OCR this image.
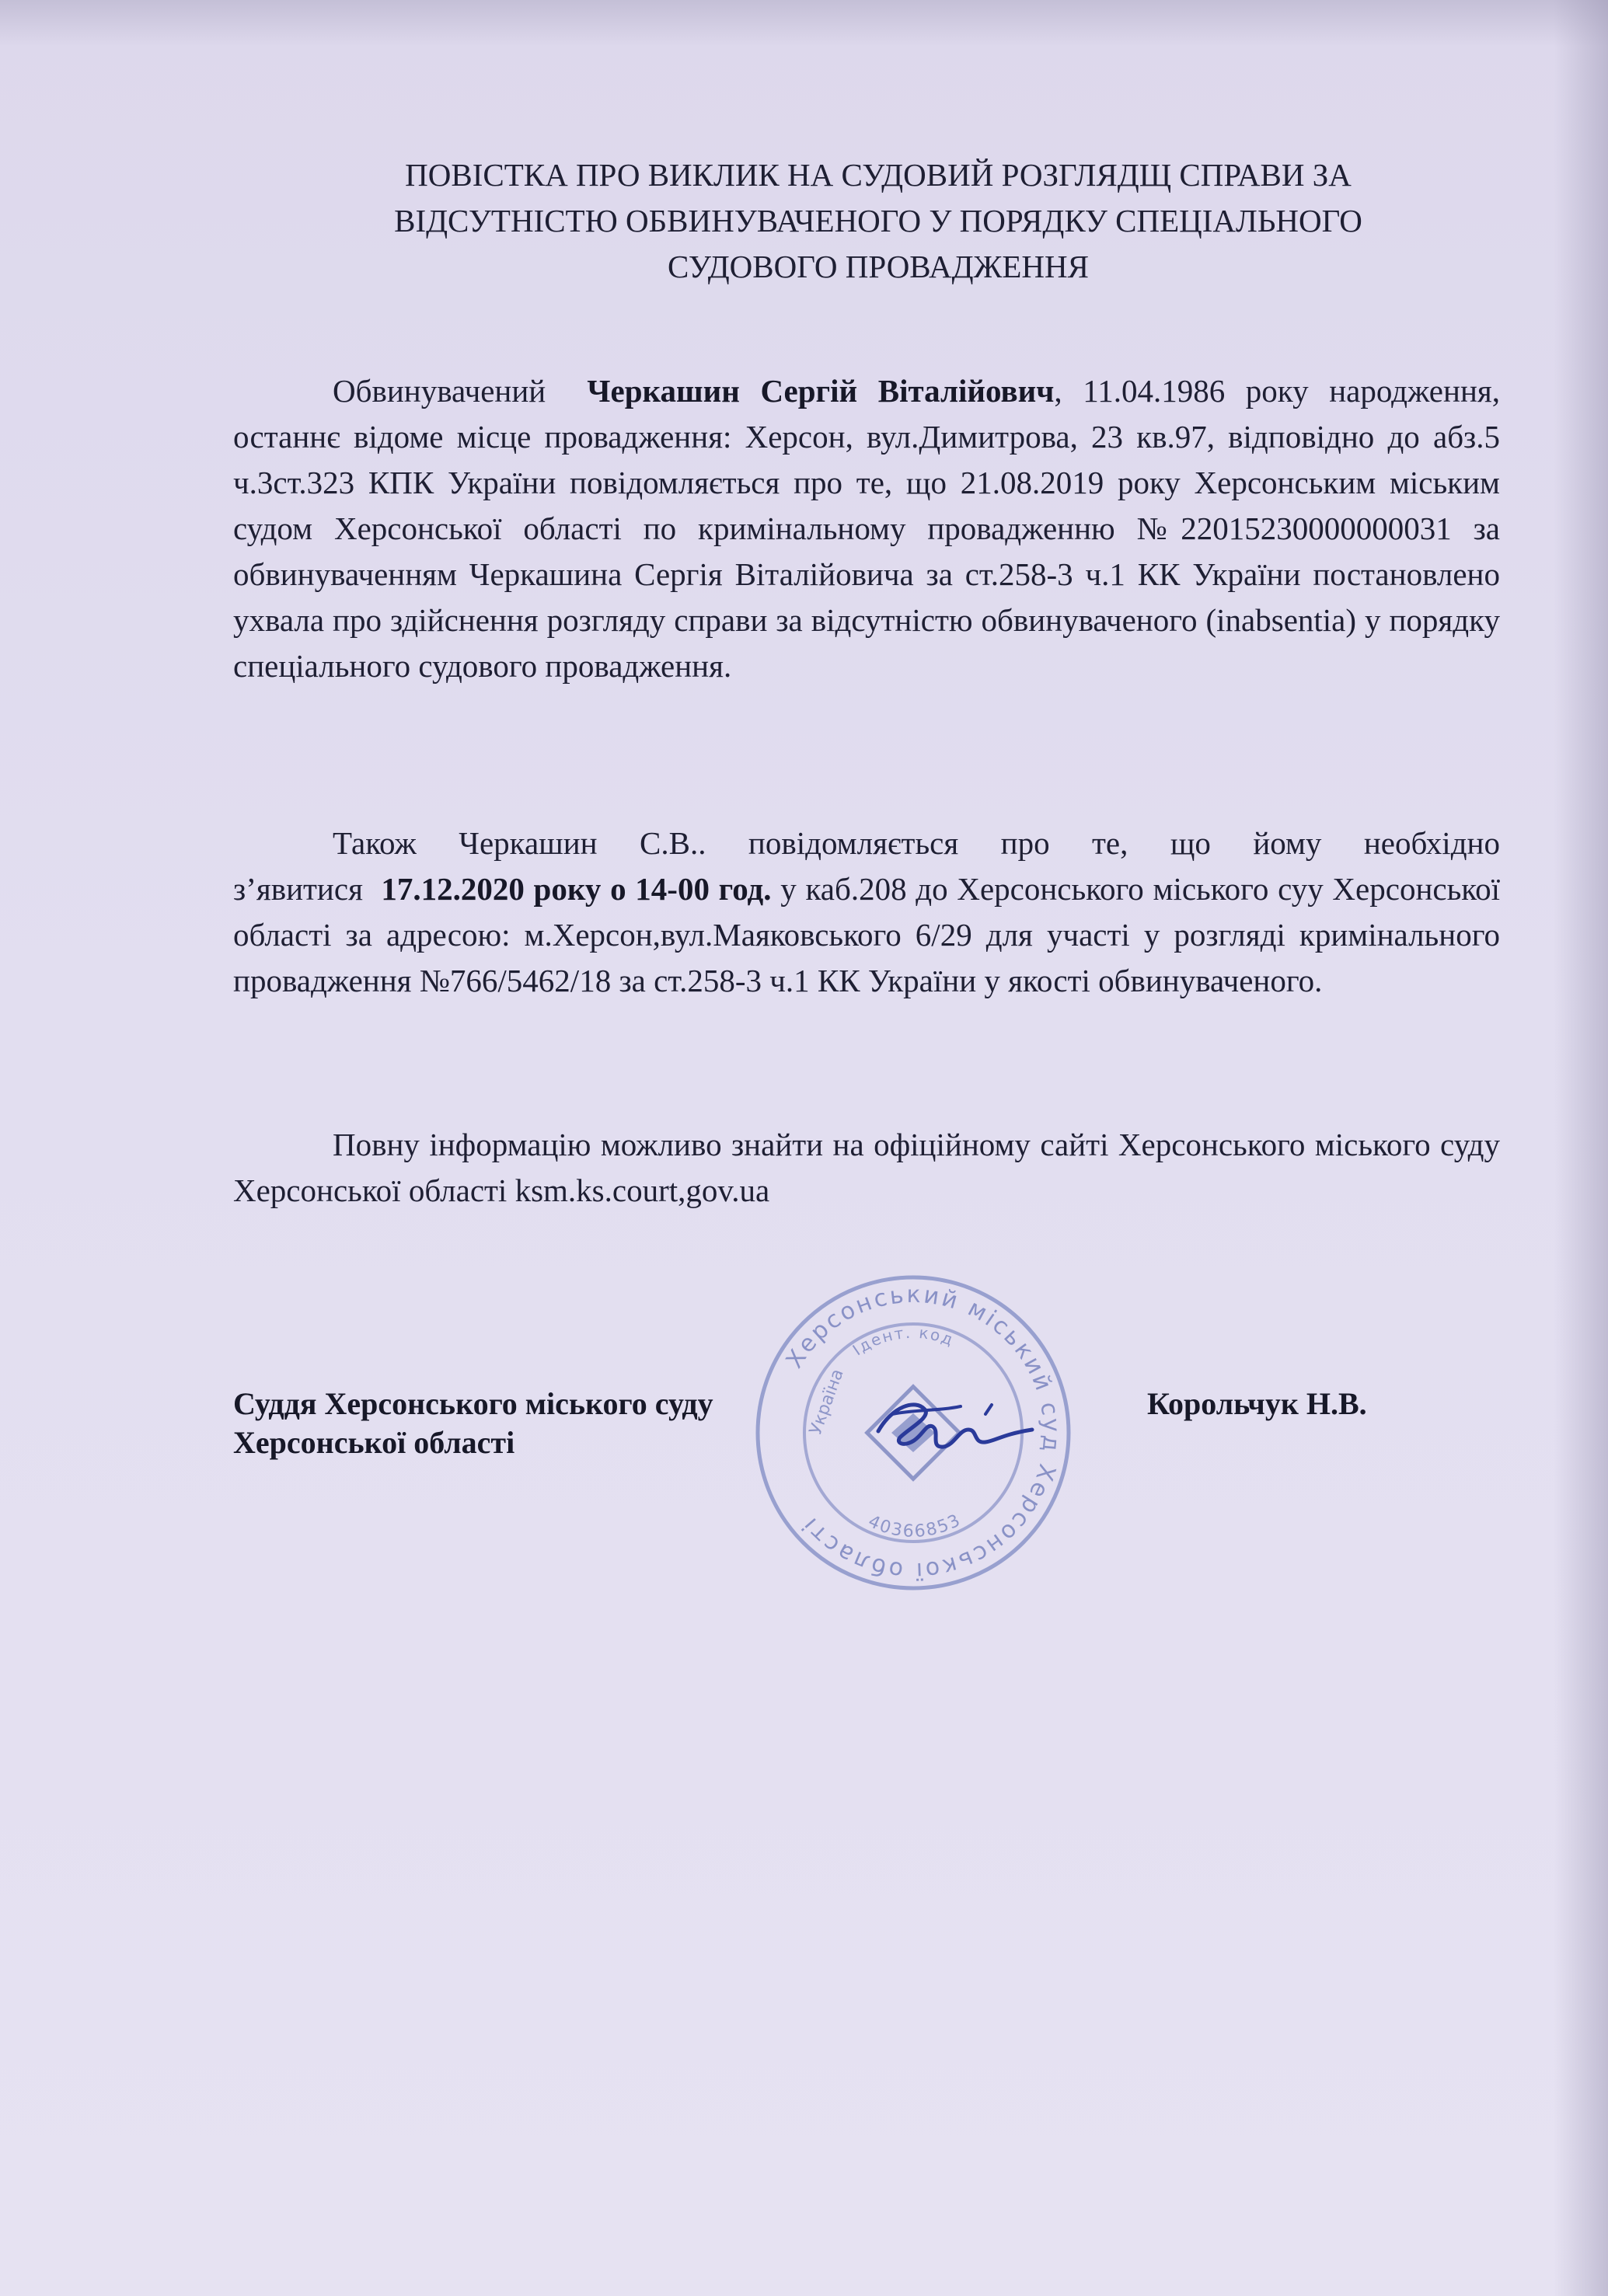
ПОВІСТКА ПРО ВИКЛИК НА СУДОВИЙ РОЗГЛЯДЩ СПРАВИ ЗА
ВІДСУТНІСТЮ ОБВИНУВАЧЕНОГО У ПОРЯДКУ СПЕЦІАЛЬНОГО
СУДОВОГО ПРОВАДЖЕННЯ
Обвинувачений Черкашин Сергій Віталійович, 11.04.1986 року народження, останнє відоме місце провадження: Херсон, вул.Димитрова, 23 кв.97, відповідно до абз.5 ч.3ст.323 КПК України повідомляється про те, що 21.08.2019 року Херсонським міським судом Херсонської області по кримінальному провадженню №22015230000000031 за обвинуваченням Черкашина Сергія Віталійовича за ст.258-3 ч.1 КК України постановлено ухвала про здійснення розгляду справи за відсутністю обвинуваченого (inabsentia) у порядку спеціального судового провадження.
Також Черкашин С.В.. повідомляється про те, що йому необхідно з’явитися 17.12.2020 року о 14-00 год. у каб.208 до Херсонського міського суу Херсонської області за адресою: м.Херсон,вул.Маяковського 6/29 для участі у розгляді кримінального провадження №766/5462/18 за ст.258-3 ч.1 КК України у якості обвинуваченого.
Повну інформацію можливо знайти на офіційному сайті Херсонського міського суду Херсонської області ksm.ks.court,gov.ua
Суддя Херсонського міського суду
Херсонської області
Корольчук Н.В.
Херсонський міський суд Херсонської області
Ідент. код
Україна
40366853
